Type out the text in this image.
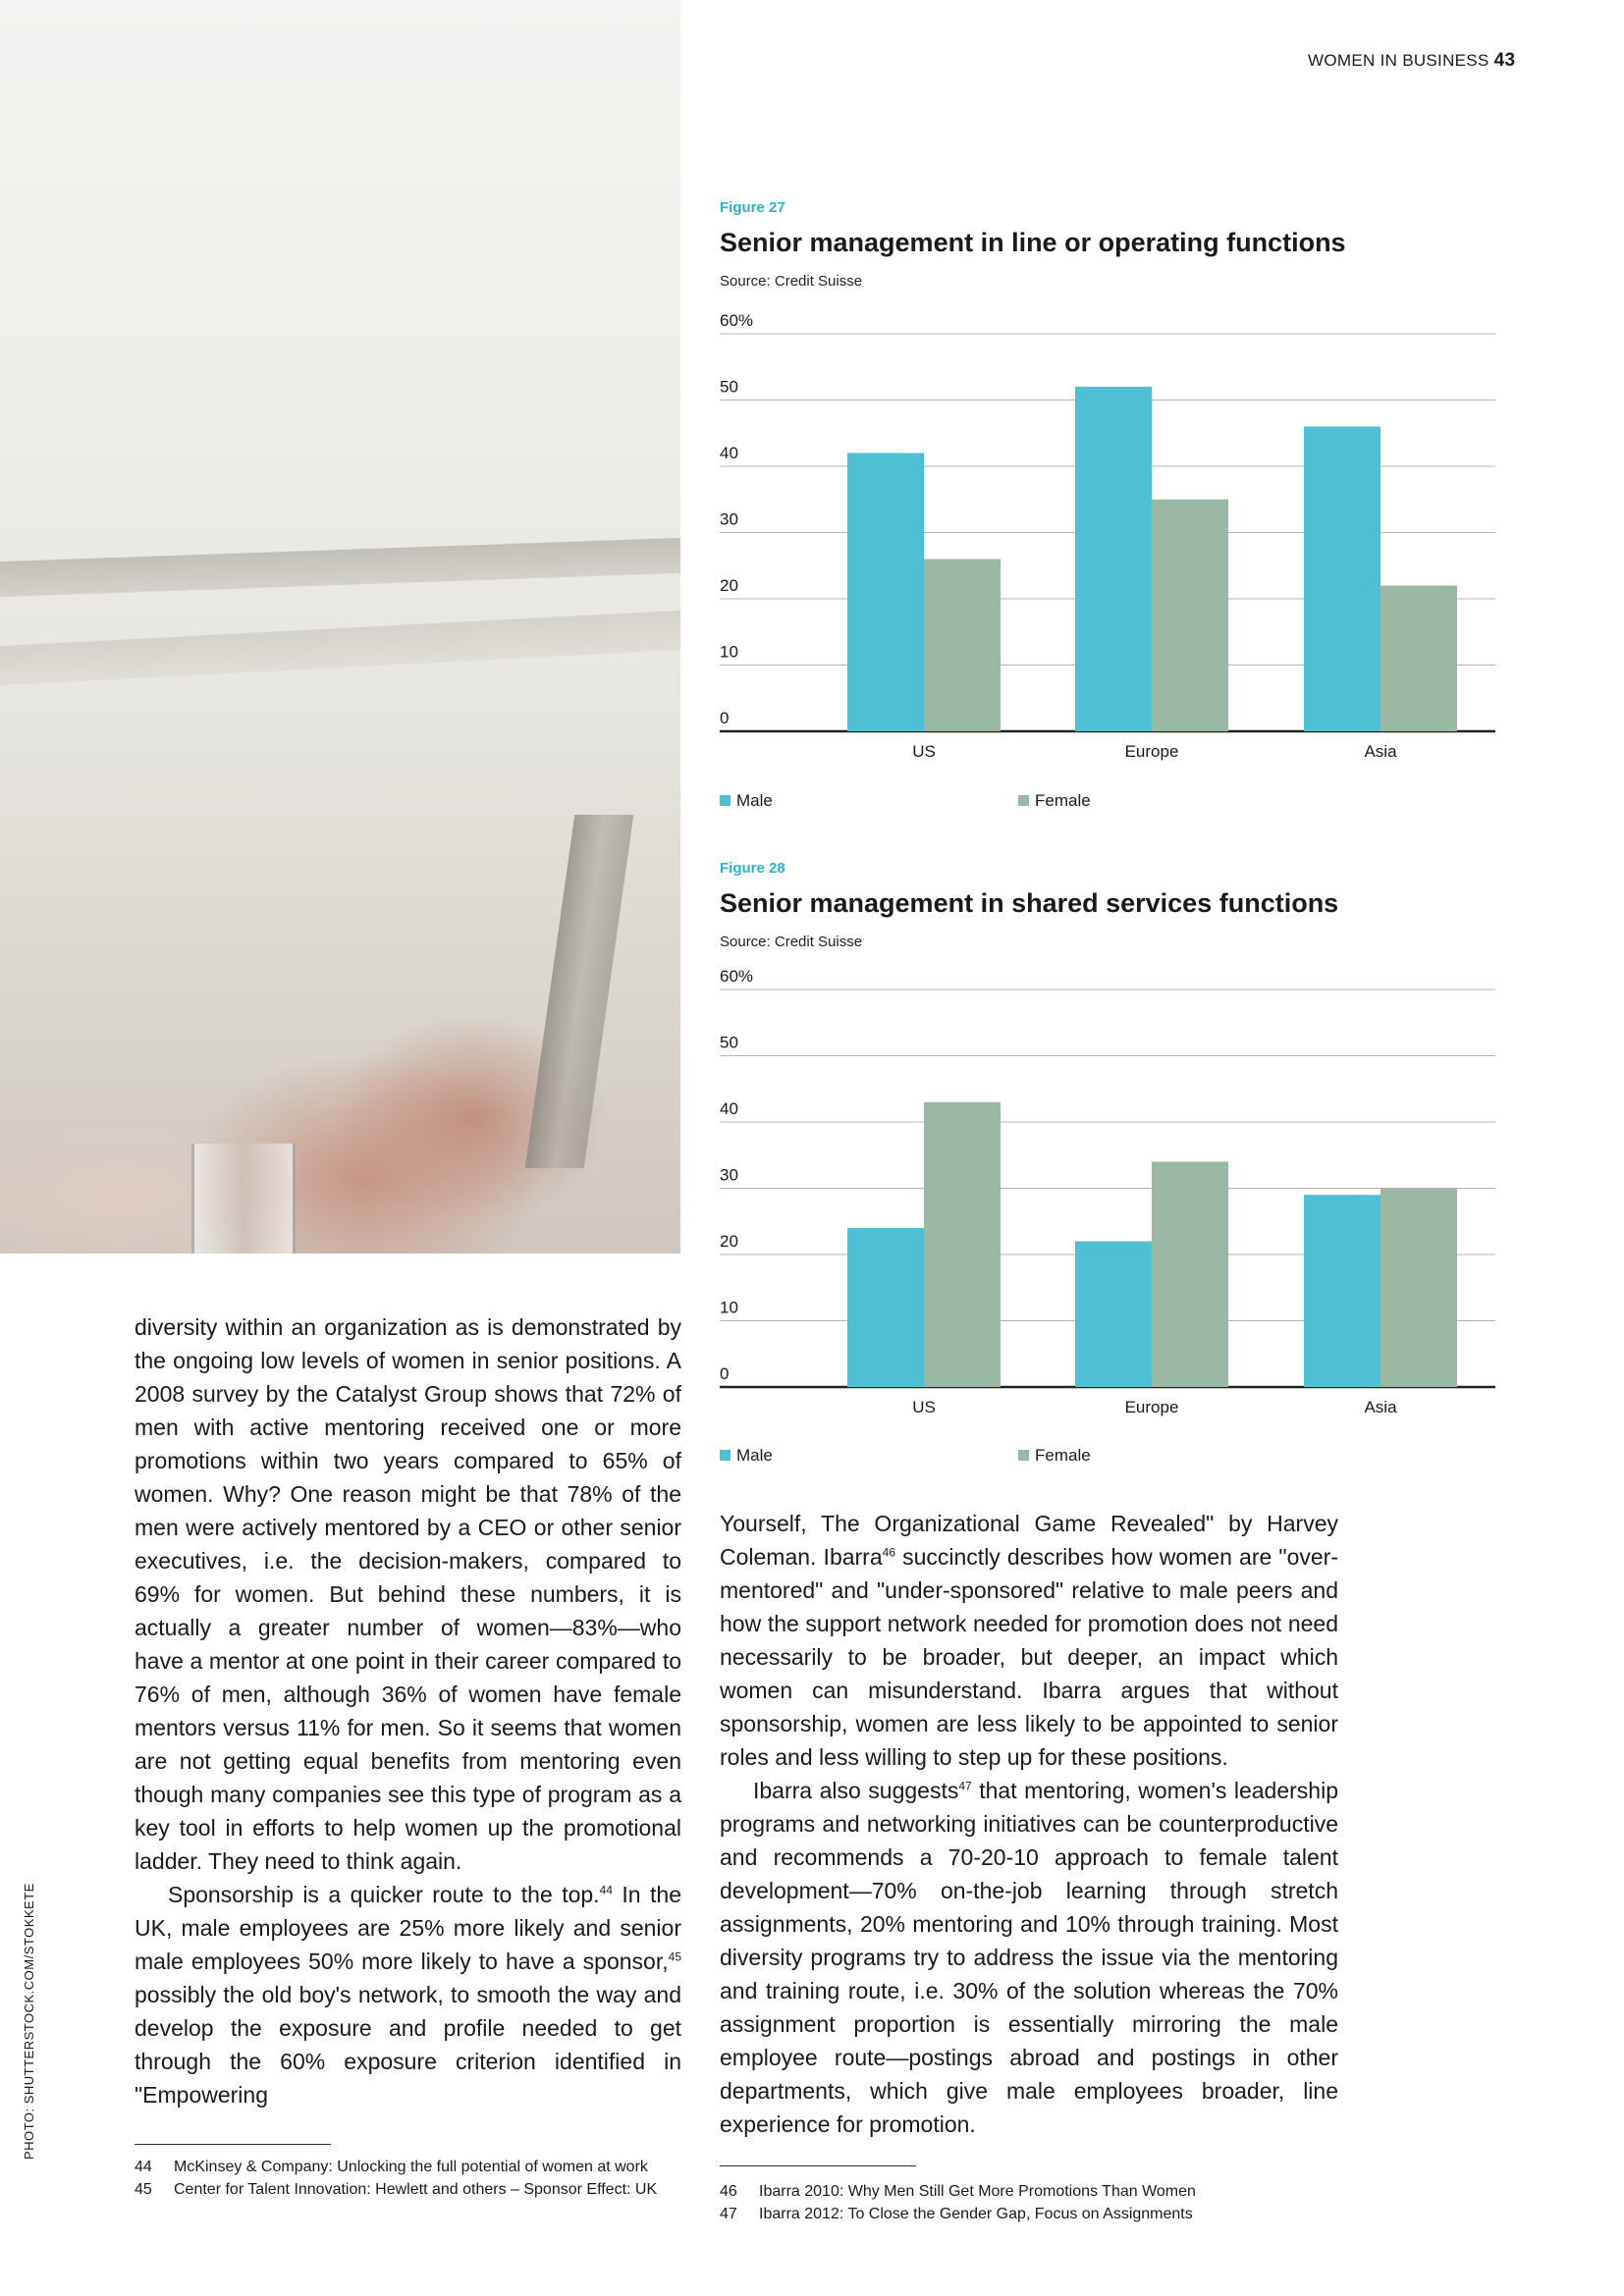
PHOTO: SHUTTERSTOCK.COM/STOKKETE
WOMEN IN BUSINESS 43
Figure 27
Senior management in line or operating functions
Source: Credit Suisse
0
10
20
30
40
50
60%
US	Europe	Asia
Male	Female
Figure 28
Senior management in shared services functions
Source: Credit Suisse
0
10
20
30
40
50
60%
US	Europe	Asia
Male	Female

diversity within an organization as is demonstrated by the ongoing low levels of women in senior positions. A 2008 survey by the Catalyst Group shows that 72% of men with active mentoring received one or more promotions within two years compared to 65% of women. Why? One reason might be that 78% of the men were actively mentored by a CEO or other senior executives, i.e. the decision-makers, compared to 69% for women. But behind these numbers, it is actually a greater number of women—83%—who have a mentor at one point in their career compared to 76% of men, although 36% of women have female mentors versus 11% for men. So it seems that women are not getting equal benefits from mentoring even though many companies see this type of program as a key tool in efforts to help women up the promotional ladder. They need to think again.

Sponsorship is a quicker route to the top.$^{44}$ In the UK, male employees are 25% more likely and senior male employees 50% more likely to have a sponsor,$^{45}$ possibly the old boy's network, to smooth the way and develop the exposure and profile needed to get through the 60% exposure criterion identified in "Empowering

Yourself, The Organizational Game Revealed" by Harvey Coleman. Ibarra$^{46}$ succinctly describes how women are "over-mentored" and "under-sponsored" relative to male peers and how the support network needed for promotion does not need necessarily to be broader, but deeper, an impact which women can misunderstand. Ibarra argues that without sponsorship, women are less likely to be appointed to senior roles and less willing to step up for these positions.

Ibarra also suggests$^{47}$ that mentoring, women's leadership programs and networking initiatives can be counterproductive and recommends a 70-20-10 approach to female talent development—70% on-the-job learning through stretch assignments, 20% mentoring and 10% through training. Most diversity programs try to address the issue via the mentoring and training route, i.e. 30% of the solution whereas the 70% assignment proportion is essentially mirroring the male employee route—postings abroad and postings in other departments, which give male employees broader, line experience for promotion.

44	McKinsey & Company: Unlocking the full potential of women at work
45	Center for Talent Innovation: Hewlett and others – Sponsor Effect: UK	46	Ibarra 2010: Why Men Still Get More Promotions Than Women
47	Ibarra 2012: To Close the Gender Gap, Focus on Assignments
